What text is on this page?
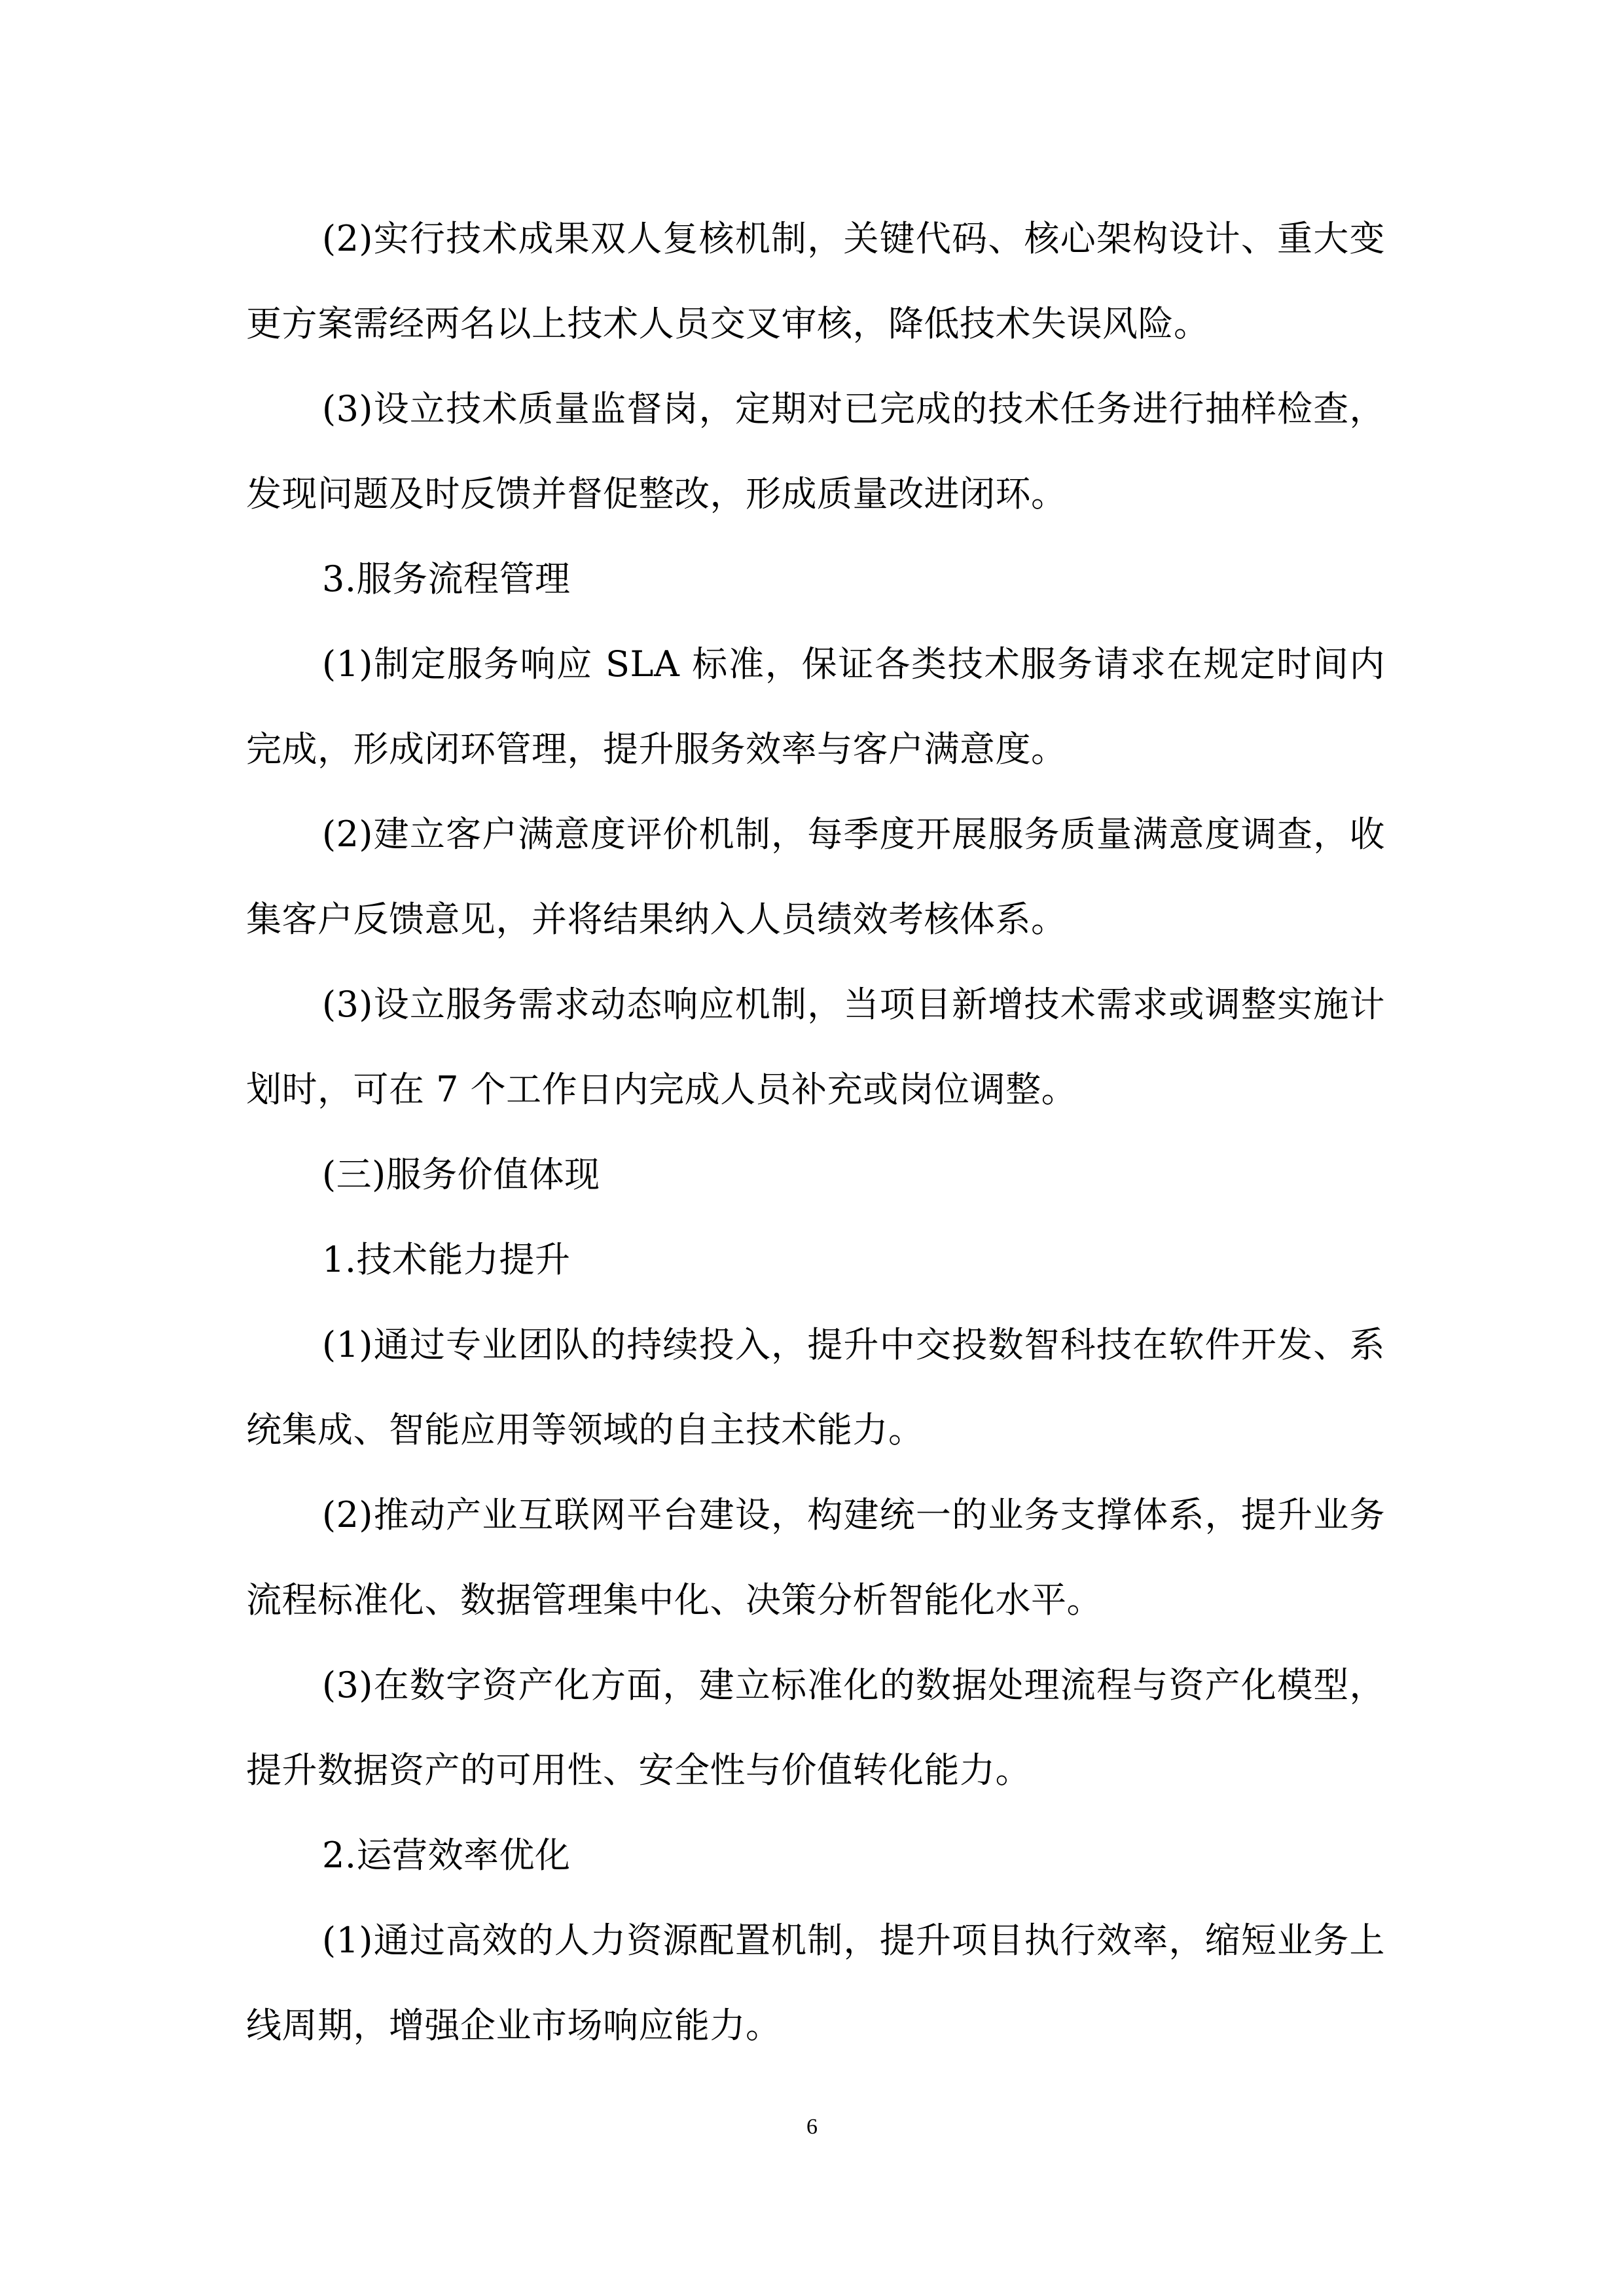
(2)实行技术成果双人复核机制，关键代码、核心架构设计、重大变更方案需经两名以上技术人员交叉审核，降低技术失误风险。

(3)设立技术质量监督岗，定期对已完成的技术任务进行抽样检查，发现问题及时反馈并督促整改，形成质量改进闭环。

3.服务流程管理

(1)制定服务响应 SLA 标准，保证各类技术服务请求在规定时间内完成，形成闭环管理，提升服务效率与客户满意度。

(2)建立客户满意度评价机制，每季度开展服务质量满意度调查，收集客户反馈意见，并将结果纳入人员绩效考核体系。

(3)设立服务需求动态响应机制，当项目新增技术需求或调整实施计划时，可在 7 个工作日内完成人员补充或岗位调整。

(三)服务价值体现

1.技术能力提升

(1)通过专业团队的持续投入，提升中交投数智科技在软件开发、系统集成、智能应用等领域的自主技术能力。

(2)推动产业互联网平台建设，构建统一的业务支撑体系，提升业务流程标准化、数据管理集中化、决策分析智能化水平。

(3)在数字资产化方面，建立标准化的数据处理流程与资产化模型，提升数据资产的可用性、安全性与价值转化能力。

2.运营效率优化

(1)通过高效的人力资源配置机制，提升项目执行效率，缩短业务上线周期，增强企业市场响应能力。

6
